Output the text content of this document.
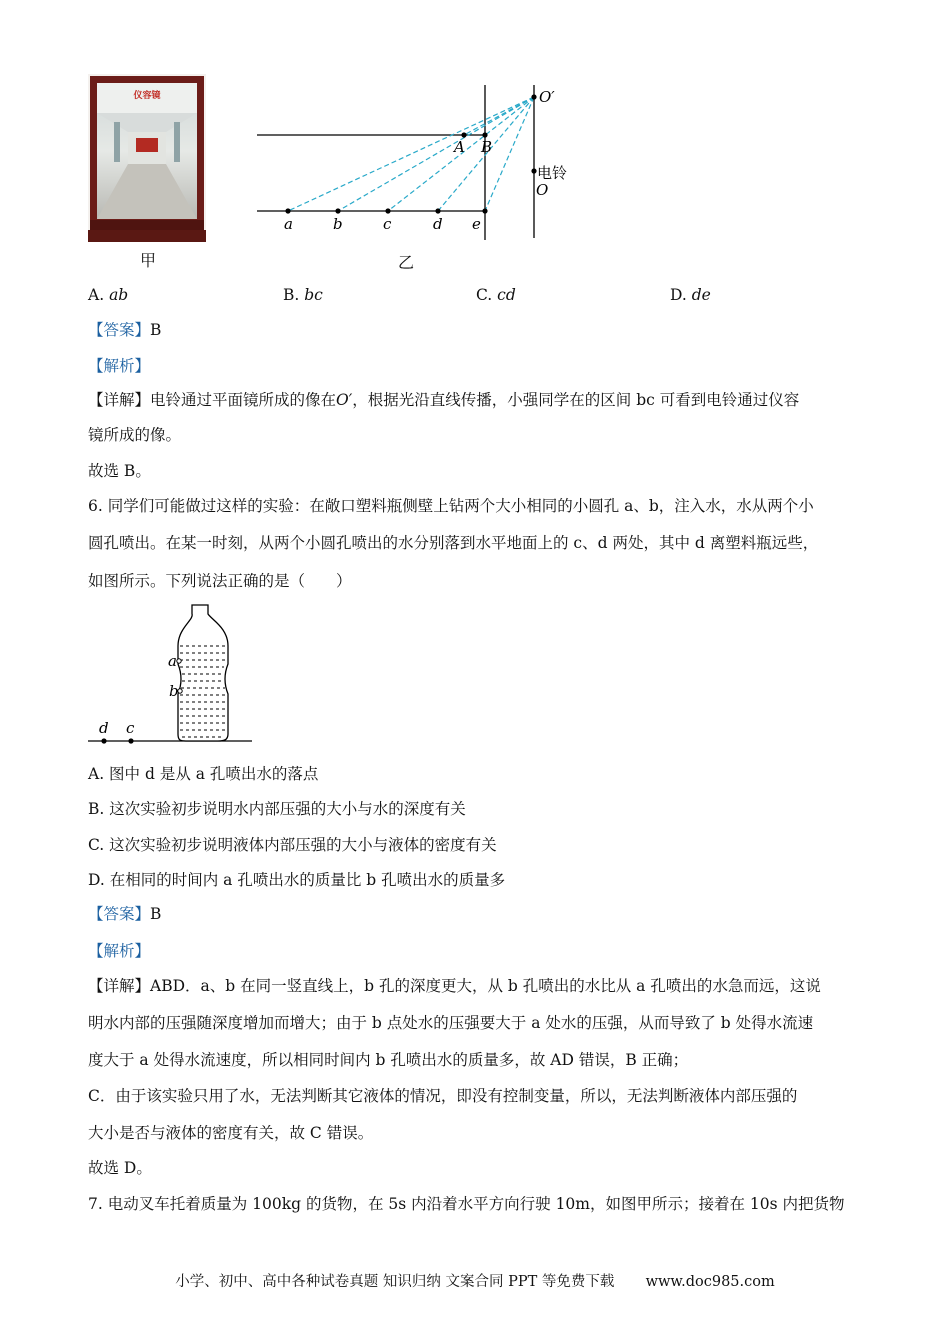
仪容镜
甲
O′
A B
O
a	b	c	d e
电铃
乙
A. ab	B. bc	C. cd	D. de
【答案】B
【解析】
【详解】电铃通过平面镜所成的像在O′，根据光沿直线传播，小强同学在的区间 bc 可看到电铃通过仪容
镜所成的像。
故选 B。
6. 同学们可能做过这样的实验：在敞口塑料瓶侧壁上钻两个大小相同的小圆孔 a、b，注入水，水从两个小
圆孔喷出。在某一时刻，从两个小圆孔喷出的水分别落到水平地面上的 c、d 两处，其中 d 离塑料瓶远些，
如图所示。下列说法正确的是（　　）
a
b
d c
A. 图中 d 是从 a 孔喷出水的落点
B. 这次实验初步说明水内部压强的大小与水的深度有关
C. 这次实验初步说明液体内部压强的大小与液体的密度有关
D. 在相同的时间内 a 孔喷出水的质量比 b 孔喷出水的质量多
【答案】B
【解析】
【详解】ABD．a、b 在同一竖直线上，b 孔的深度更大，从 b 孔喷出的水比从 a 孔喷出的水急而远，这说
明水内部的压强随深度增加而增大；由于 b 点处水的压强要大于 a 处水的压强，从而导致了 b 处得水流速
度大于 a 处得水流速度，所以相同时间内 b 孔喷出水的质量多，故 AD 错误，B 正确；
C．由于该实验只用了水，无法判断其它液体的情况，即没有控制变量，所以，无法判断液体内部压强的
大小是否与液体的密度有关，故 C 错误。
故选 D。
7. 电动叉车托着质量为 100kg 的货物，在 5s 内沿着水平方向行驶 10m，如图甲所示；接着在 10s 内把货物
小学、初中、高中各种试卷真题 知识归纳 文案合同 PPT 等免费下载 www.doc985.com
